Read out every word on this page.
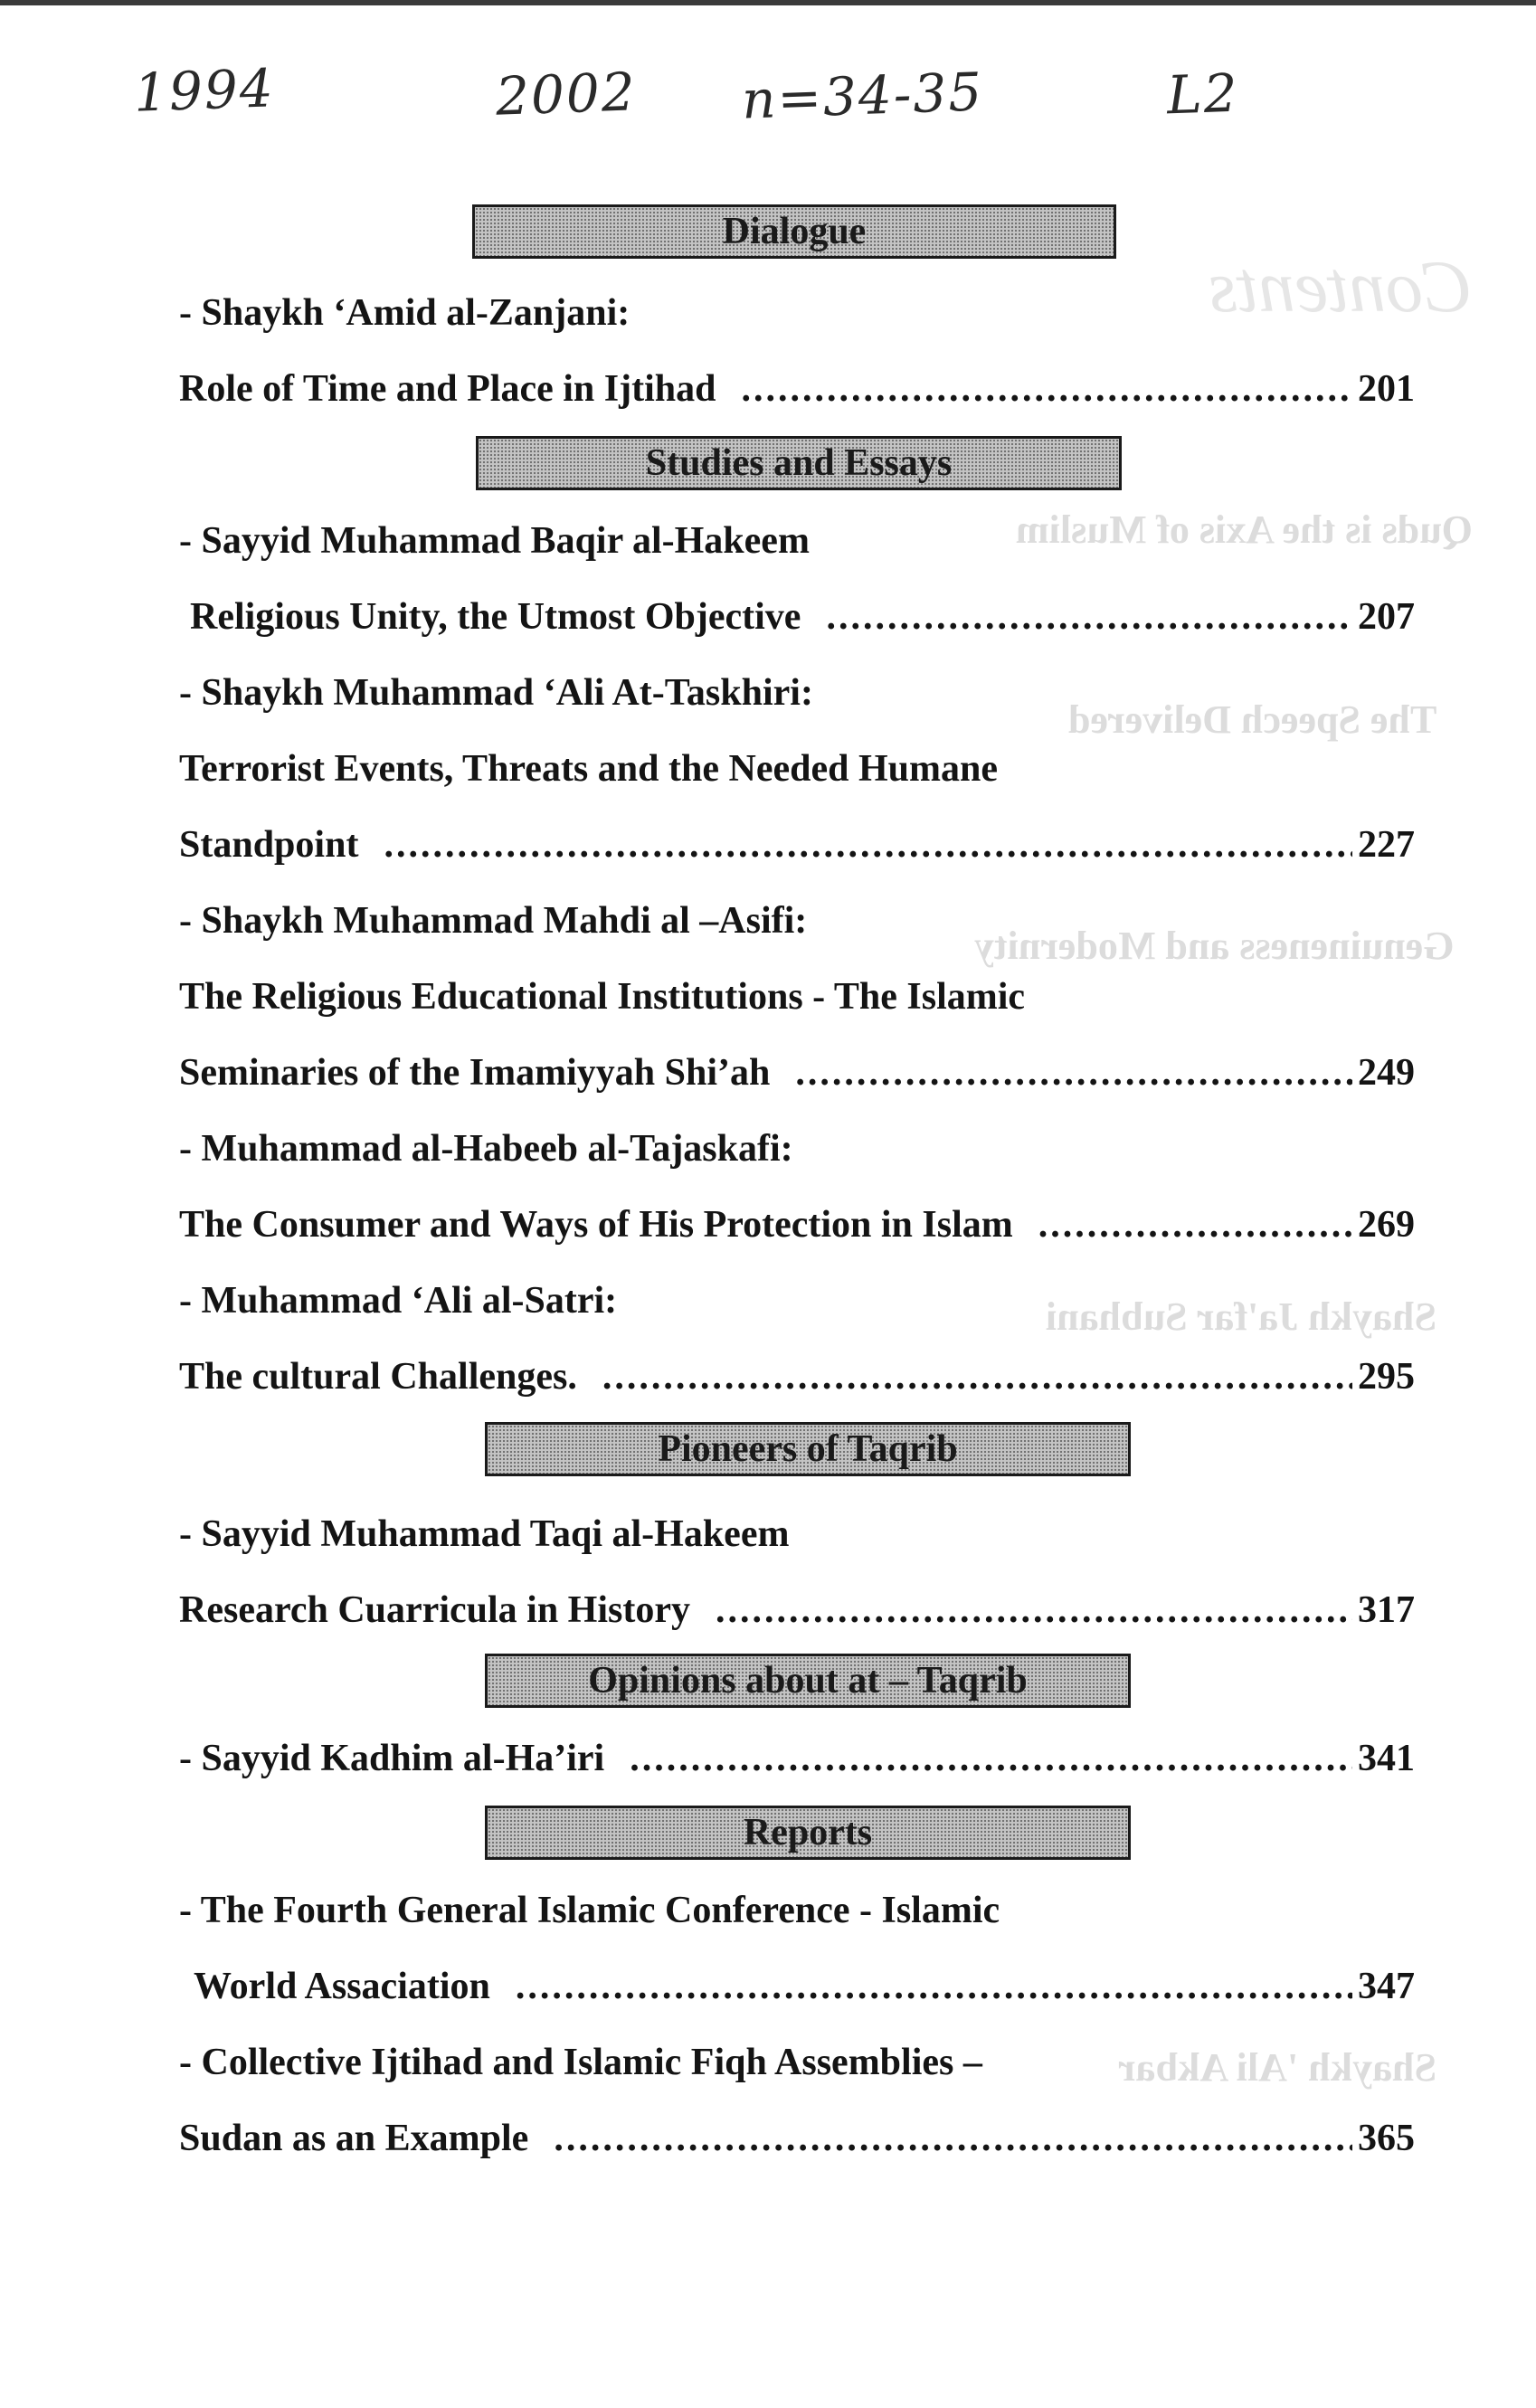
1994	2002 n=34-35	L2
Contents
Quds is the Axis of Muslim
The Speech Delivered
Genuineness and Modernity
Shaykh Ja'far Subhani
Shaykh 'Ali Akbar
Dialogue
- Shaykh ‘Amid al-Zanjani:
Role of Time and Place in Ijtihad .....	201
Studies and Essays
- Sayyid Muhammad Baqir al-Hakeem
Religious Unity, the Utmost Objective .....	207
- Shaykh Muhammad ‘Ali At-Taskhiri:
Terrorist Events, Threats and the Needed Humane
Standpoint .....	227
- Shaykh Muhammad Mahdi al –Asifi:
The Religious Educational Institutions - The Islamic
Seminaries of the Imamiyyah Shi’ah .....	249
- Muhammad al-Habeeb al-Tajaskafi:
The Consumer and Ways of His Protection in Islam .....	269
- Muhammad ‘Ali al-Satri:
The cultural Challenges. .....	295
Pioneers of Taqrib
- Sayyid Muhammad Taqi al-Hakeem
Research Cuarricula in History .....	317
Opinions about at – Taqrib
- Sayyid Kadhim al-Ha’iri .....	341
Reports
- The Fourth General Islamic Conference - Islamic
World Assaciation .....	347
- Collective Ijtihad and Islamic Fiqh Assemblies –
Sudan as an Example .....	365
